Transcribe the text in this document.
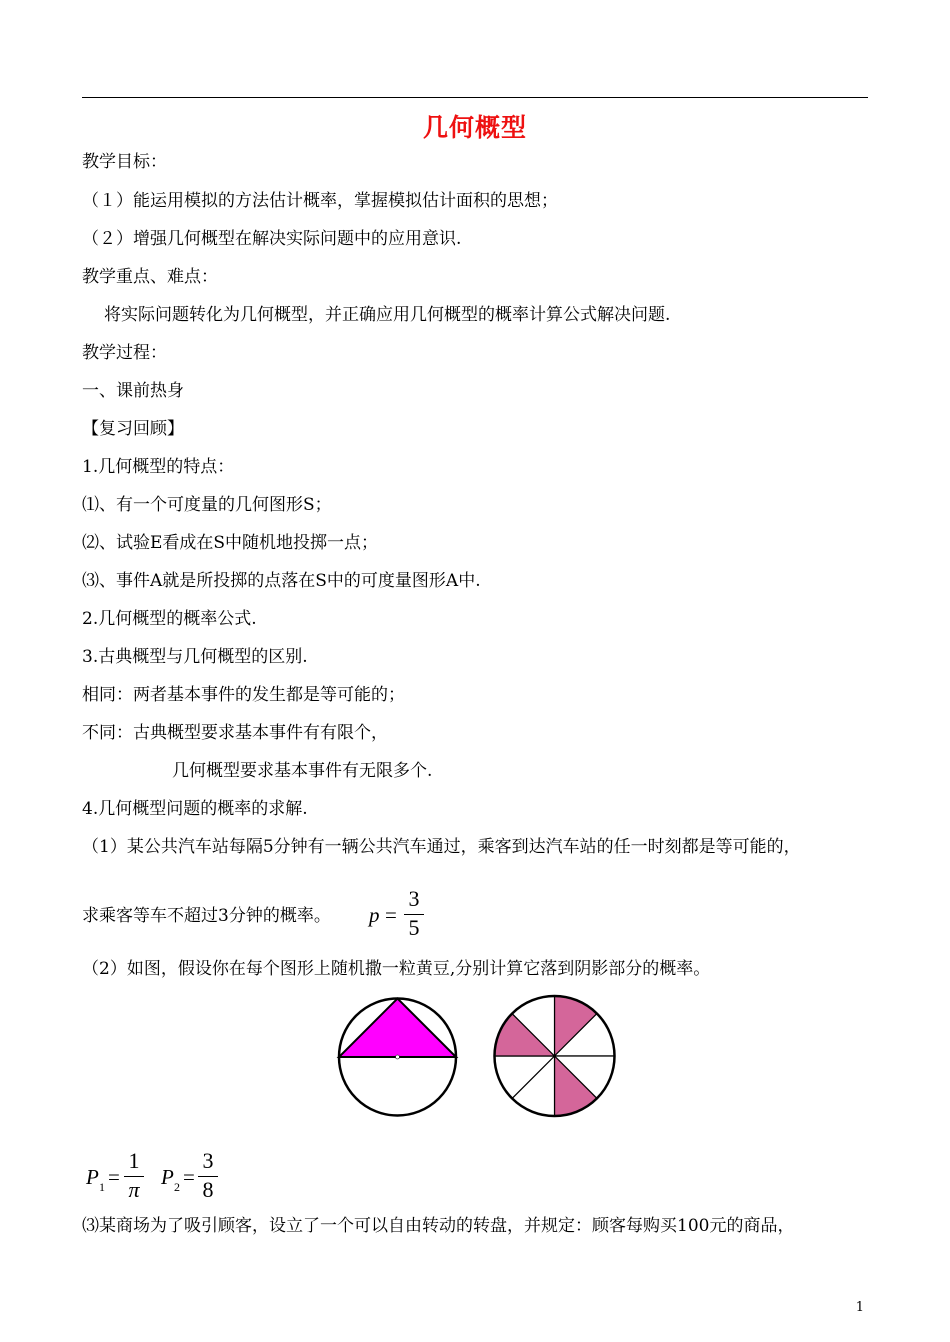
几何概型
教学目标：
（１）能运用模拟的方法估计概率，掌握模拟估计面积的思想；
（２）增强几何概型在解决实际问题中的应用意识.
教学重点、难点：
将实际问题转化为几何概型，并正确应用几何概型的概率计算公式解决问题.
教学过程：
一、课前热身
【复习回顾】
1.几何概型的特点：
⑴、有一个可度量的几何图形S；
⑵、试验E看成在S中随机地投掷一点；
⑶、事件A就是所投掷的点落在S中的可度量图形A中.
2.几何概型的概率公式.
3.古典概型与几何概型的区别.
相同：两者基本事件的发生都是等可能的；
不同：古典概型要求基本事件有有限个，
几何概型要求基本事件有无限多个.
4.几何概型问题的概率的求解.
（1）某公共汽车站每隔5分钟有一辆公共汽车通过，乘客到达汽车站的任一时刻都是等可能的，
求乘客等车不超过3分钟的概率。 p =
3
5
（2）如图，假设你在每个图形上随机撒一粒黄豆,分别计算它落到阴影部分的概率。
P 1 =
1
π P 2 =
3
8
⑶某商场为了吸引顾客，设立了一个可以自由转动的转盘，并规定：顾客每购买100元的商品，
1
